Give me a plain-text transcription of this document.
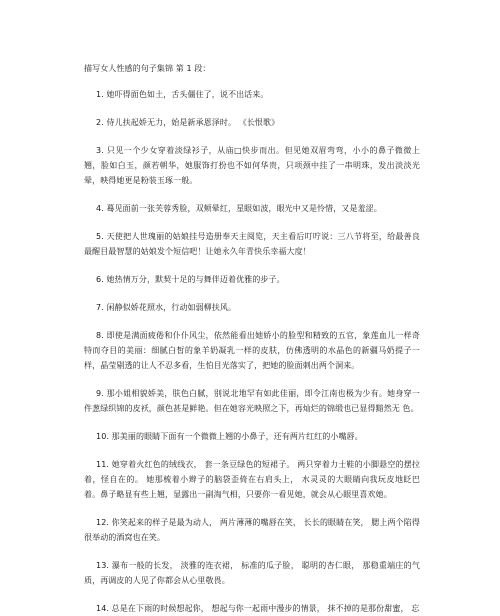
描写女人性感的句子集锦 第 1 段：

1. 她吓得面色如土，舌头僵住了，说不出话来。

2. 侍儿扶起娇无力，始是新承恩泽时。 《长恨歌》

3. 只见一个少女穿着淡绿衫子，从庙□快步而出。但见她双眉弯弯，小小的鼻子微微上翘，脸如白玉，颜若朝华，她服饰打扮也不如何华贵，只项颈中挂了一串明珠，发出淡淡光晕，映得她更是粉装玉琢一般。

4. 蓦见面前一张芙蓉秀脸，双颊晕红，星眼如波，眼光中又是怜惜，又是羞涩。

5. 天使把人世瑰丽的姑娘挂号造册奉天主阅览，天主看后叮咛说：三八节将至，给最善良最醒目最智慧的姑娘发个短信吧！让她永久年青快乐幸福大度！

6. 她热情万分，默契十足的与舞伴迈着优雅的步子。

7. 闲静似娇花照水，行动如弱柳扶风。

8. 即使是满面疲倦和仆仆风尘，依然能看出她娇小的脸型和精致的五官，象莲血儿一样奇特而夺目的美丽：细腻白皙的象羊奶凝乳一样的皮肤，仿佛透明的水晶色的新疆马奶提子一样，晶莹剔透的让人不忍多看，生怕目光落实了，把她的脸面刺出两个洞来。

9. 那小姐相貌娇美，肤色白腻，别说北地罕有如此佳丽，即令江南也极为少有。她身穿一件葱绿织锦的皮袄，颜色甚是鲜艳。但在她容光映照之下，再灿烂的锦缎也已显得黯然无 色。

10. 那美丽的眼睛下面有一个微微上翘的小鼻子，还有两片红红的小嘴唇。

11. 她穿着火红色的绒线衣， 套一条豆绿色的短裙子。 两只穿着力士鞋的小脚悬空的摆拉着，怪自在的。 她那梳着小辫子的脑袋歪倚在右肩头上， 水灵灵的大眼睛向我玩皮地眨巴着。鼻子略显有些上翘，显露出一副淘气相，只要你一看见她，就会从心眼里喜欢她。

12. 你笑起来的样子是最为动人， 两片薄薄的嘴唇在笑， 长长的眼睛在笑， 腮上两个陷得很举动的酒窝也在笑。

13. 瀑布一般的长发， 淡雅的连衣裙， 标准的瓜子脸， 聪明的杏仁眼， 那稳重端庄的气质，再调皮的人见了你都会从心里敬畏。

14. 总是在下雨的时候想起你， 想起与你一起雨中漫步的情景， 抹不掉的是那份甜蜜， 忘
